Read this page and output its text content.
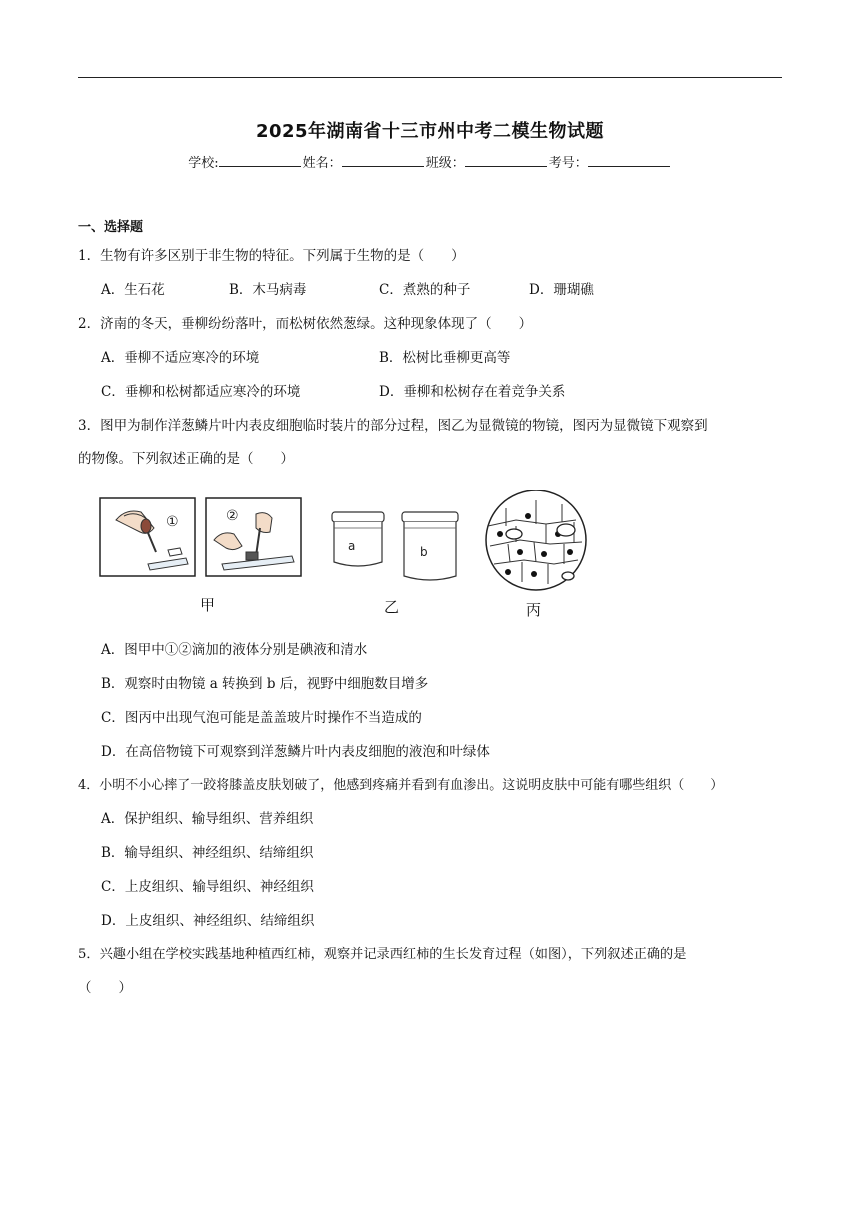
2025年湖南省十三市州中考二模生物试题
学校:	姓名：	班级：	考号：
一、选择题
1．生物有许多区别于非生物的特征。下列属于生物的是（　　）
A．生石花	B．木马病毒	C．煮熟的种子	D．珊瑚礁
2．济南的冬天，垂柳纷纷落叶，而松树依然葱绿。这种现象体现了（　　）
A．垂柳不适应寒冷的环境	B．松树比垂柳更高等
C．垂柳和松树都适应寒冷的环境	D．垂柳和松树存在着竞争关系
3．图甲为制作洋葱鳞片叶内表皮细胞临时装片的部分过程，图乙为显微镜的物镜，图丙为显微镜下观察到
的物像。下列叙述正确的是（　　）
①	②
a	b
甲	乙	丙
A．图甲中①②滴加的液体分别是碘液和清水
B．观察时由物镜 a 转换到 b 后，视野中细胞数目增多
C．图丙中出现气泡可能是盖盖玻片时操作不当造成的
D．在高倍物镜下可观察到洋葱鳞片叶内表皮细胞的液泡和叶绿体
4．小明不小心摔了一跤将膝盖皮肤划破了，他感到疼痛并看到有血渗出。这说明皮肤中可能有哪些组织（　　）
A．保护组织、输导组织、营养组织
B．输导组织、神经组织、结缔组织
C．上皮组织、输导组织、神经组织
D．上皮组织、神经组织、结缔组织
5．兴趣小组在学校实践基地种植西红柿，观察并记录西红柿的生长发育过程（如图），下列叙述正确的是
（　　）
